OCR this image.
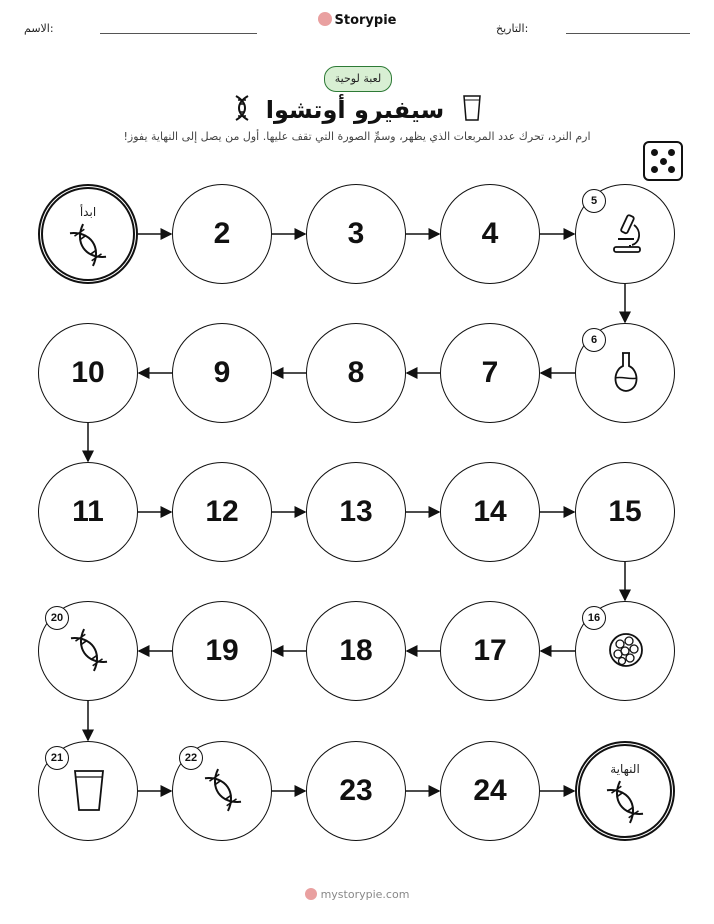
الاسم:
Storypie
التاريخ:
لعبة لوحية
سيفيرو أوتشوا
ارم النرد، تحرك عدد المربعات الذي يظهر، وسمِّ الصورة التي تقف عليها. أول من يصل إلى النهاية يفوز!
ابدأ
2	3	4
5
6
7
8
9
10
11	12	13	14	15
16
17
18
19
20
21	22
23	24
النهاية
mystorypie.com
